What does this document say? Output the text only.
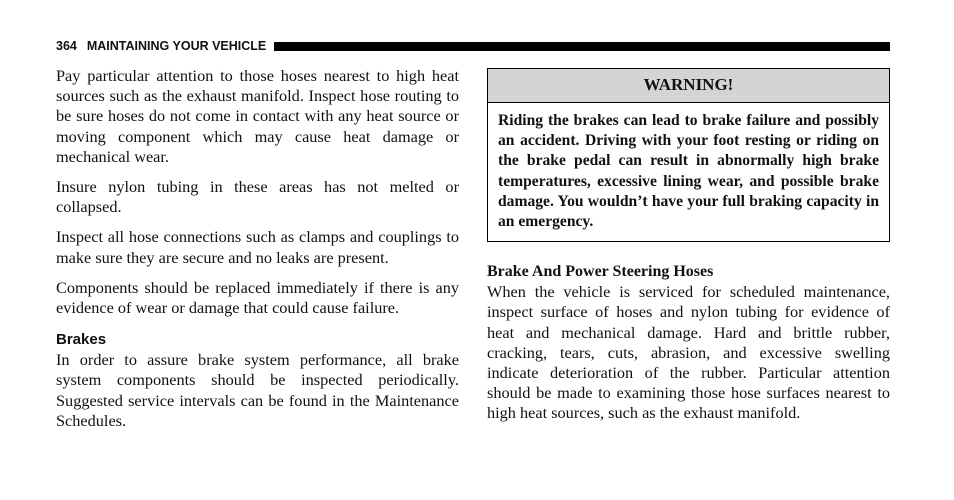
364 MAINTAINING YOUR VEHICLE

Pay particular attention to those hoses nearest to high heat sources such as the exhaust manifold. Inspect hose routing to be sure hoses do not come in contact with any heat source or moving component which may cause heat damage or mechanical wear.

Insure nylon tubing in these areas has not melted or collapsed.

Inspect all hose connections such as clamps and couplings to make sure they are secure and no leaks are present.

Components should be replaced immediately if there is any evidence of wear or damage that could cause failure.

Brakes

In order to assure brake system performance, all brake system components should be inspected periodically. Suggested service intervals can be found in the Maintenance Schedules.

WARNING!
Riding the brakes can lead to brake failure and possibly an accident. Driving with your foot resting or riding on the brake pedal can result in abnormally high brake temperatures, excessive lining wear, and possible brake damage. You wouldn’t have your full braking capacity in an emergency.
Brake And Power Steering Hoses

When the vehicle is serviced for scheduled maintenance, inspect surface of hoses and nylon tubing for evidence of heat and mechanical damage. Hard and brittle rubber, cracking, tears, cuts, abrasion, and excessive swelling indicate deterioration of the rubber. Particular attention should be made to examining those hose surfaces nearest to high heat sources, such as the exhaust manifold.
